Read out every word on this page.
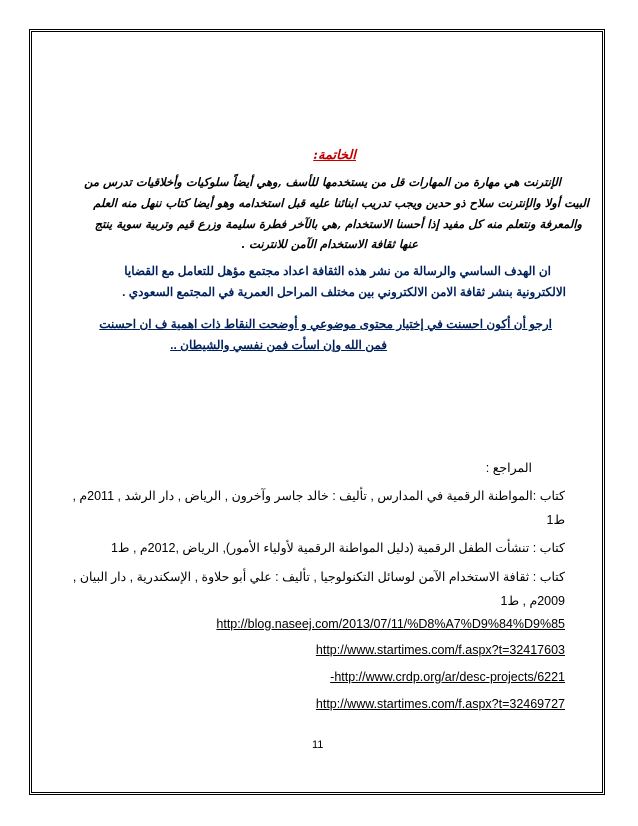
الخاتمة:
الإنترنت هي مهارة من المهارات قل من يستخدمها للأسف ,وهي أيضاً سلوكيات وأخلاقيات تدرس من
البيت أولا والإنترنت سلاح ذو حدين ويجب تدريب ابنائنا عليه قبل استخدامه وهو أيضا كتاب ننهل منه العلم
والمعرفة ونتعلم منه كل مفيد إذا أحسنا الاستخدام ,هي بالآخر فطرة سليمة وزرع قيم وتربية سوية ينتج
عنها ثقافة الاستخدام الآمن للانترنت .
ان الهدف الساسي والرسالة من نشر هذه الثقافة اعداد مجتمع مؤهل للتعامل مع القضايا
الالكترونية بنشر ثقافة الامن الالكتروني بين مختلف المراحل العمرية في المجتمع السعودي .
ارجو أن أكون احسنت في إختيار محتوى موضوعي و أوضحت النقاط ذات اهمية ف ان احسنت
فمن الله وإن اسأت فمن نفسي والشيطان ..
المراجع :
كتاب :المواطنة الرقمية في المدارس , تأليف : خالد جاسر وآخرون , الرياض , دار الرشد , 2011م ,
ط1
كتاب : تنشأت الطفل الرقمية (دليل المواطنة الرقمية لأولياء الأمور), الرياض ,2012م , ط1
كتاب : ثقافة الاستخدام الآمن لوسائل التكنولوجيا , تأليف : علي أبو حلاوة , الإسكندرية , دار البيان ,
2009م , ط1
http://blog.naseej.com/2013/07/11/%D8%A7%D9%84%D9%85
http://www.startimes.com/f.aspx?t=32417603
-http://www.crdp.org/ar/desc-projects/6221
http://www.startimes.com/f.aspx?t=32469727
11
